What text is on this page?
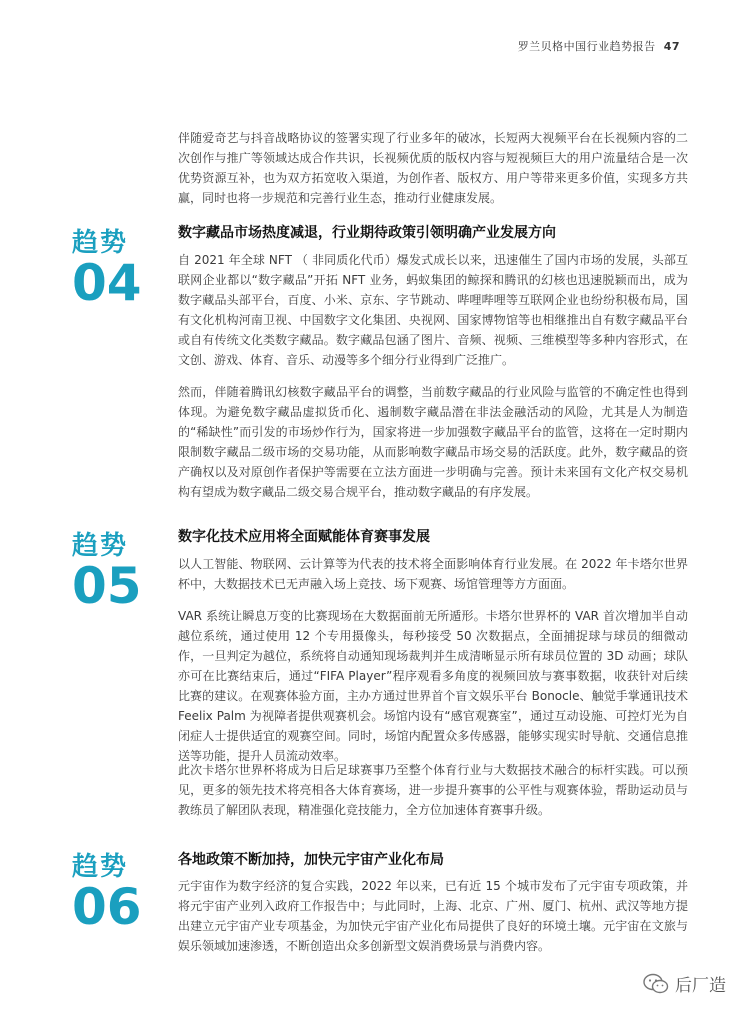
罗兰贝格中国行业趋势报告 47

伴随爱奇艺与抖音战略协议的签署实现了行业多年的破冰，长短两大视频平台在长视频内容的二次创作与推广等领域达成合作共识，长视频优质的版权内容与短视频巨大的用户流量结合是一次优势资源互补，也为双方拓宽收入渠道，为创作者、版权方、用户等带来更多价值，实现多方共赢，同时也将一步规范和完善行业生态，推动行业健康发展。

趋势
04
数字藏品市场热度减退，行业期待政策引领明确产业发展方向

自 2021 年全球 NFT （ 非同质化代币）爆发式成长以来，迅速催生了国内市场的发展，头部互联网企业都以“数字藏品”开拓 NFT 业务，蚂蚁集团的鲸探和腾讯的幻核也迅速脱颖而出，成为数字藏品头部平台，百度、小米、京东、字节跳动、哔哩哔哩等互联网企业也纷纷积极布局，国有文化机构河南卫视、中国数字文化集团、央视网、国家博物馆等也相继推出自有数字藏品平台或自有传统文化类数字藏品。数字藏品包涵了图片、音频、视频、三维模型等多种内容形式，在文创、游戏、体育、音乐、动漫等多个细分行业得到广泛推广。

然而，伴随着腾讯幻核数字藏品平台的调整，当前数字藏品的行业风险与监管的不确定性也得到体现。为避免数字藏品虚拟货币化、遏制数字藏品潜在非法金融活动的风险，尤其是人为制造的“稀缺性”而引发的市场炒作行为，国家将进一步加强数字藏品平台的监管，这将在一定时期内限制数字藏品二级市场的交易功能，从而影响数字藏品市场交易的活跃度。此外，数字藏品的资产确权以及对原创作者保护等需要在立法方面进一步明确与完善。预计未来国有文化产权交易机构有望成为数字藏品二级交易合规平台，推动数字藏品的有序发展。

趋势
05
数字化技术应用将全面赋能体育赛事发展

以人工智能、物联网、云计算等为代表的技术将全面影响体育行业发展。在 2022 年卡塔尔世界杯中，大数据技术已无声融入场上竞技、场下观赛、场馆管理等方方面面。

VAR 系统让瞬息万变的比赛现场在大数据面前无所遁形。卡塔尔世界杯的 VAR 首次增加半自动越位系统，通过使用 12 个专用摄像头，每秒接受 50 次数据点，全面捕捉球与球员的细微动作，一旦判定为越位，系统将自动通知现场裁判并生成清晰显示所有球员位置的 3D 动画；球队亦可在比赛结束后，通过“FIFA Player”程序观看多角度的视频回放与赛事数据，收获针对后续比赛的建议。在观赛体验方面，主办方通过世界首个盲文娱乐平台 Bonocle、触觉手掌通讯技术 Feelix Palm 为视障者提供观赛机会。场馆内设有“感官观赛室”，通过互动设施、可控灯光为自闭症人士提供适宜的观赛空间。同时，场馆内配置众多传感器，能够实现实时导航、交通信息推送等功能，提升人员流动效率。

此次卡塔尔世界杯将成为日后足球赛事乃至整个体育行业与大数据技术融合的标杆实践。可以预见，更多的领先技术将亮相各大体育赛场，进一步提升赛事的公平性与观赛体验，帮助运动员与教练员了解团队表现，精准强化竞技能力，全方位加速体育赛事升级。

趋势
06
各地政策不断加持，加快元宇宙产业化布局

元宇宙作为数字经济的复合实践，2022 年以来，已有近 15 个城市发布了元宇宙专项政策，并将元宇宙产业列入政府工作报告中；与此同时，上海、北京、广州、厦门、杭州、武汉等地方提出建立元宇宙产业专项基金，为加快元宇宙产业化布局提供了良好的环境土壤。元宇宙在文旅与娱乐领域加速渗透，不断创造出众多创新型文娱消费场景与消费内容。

后厂造
